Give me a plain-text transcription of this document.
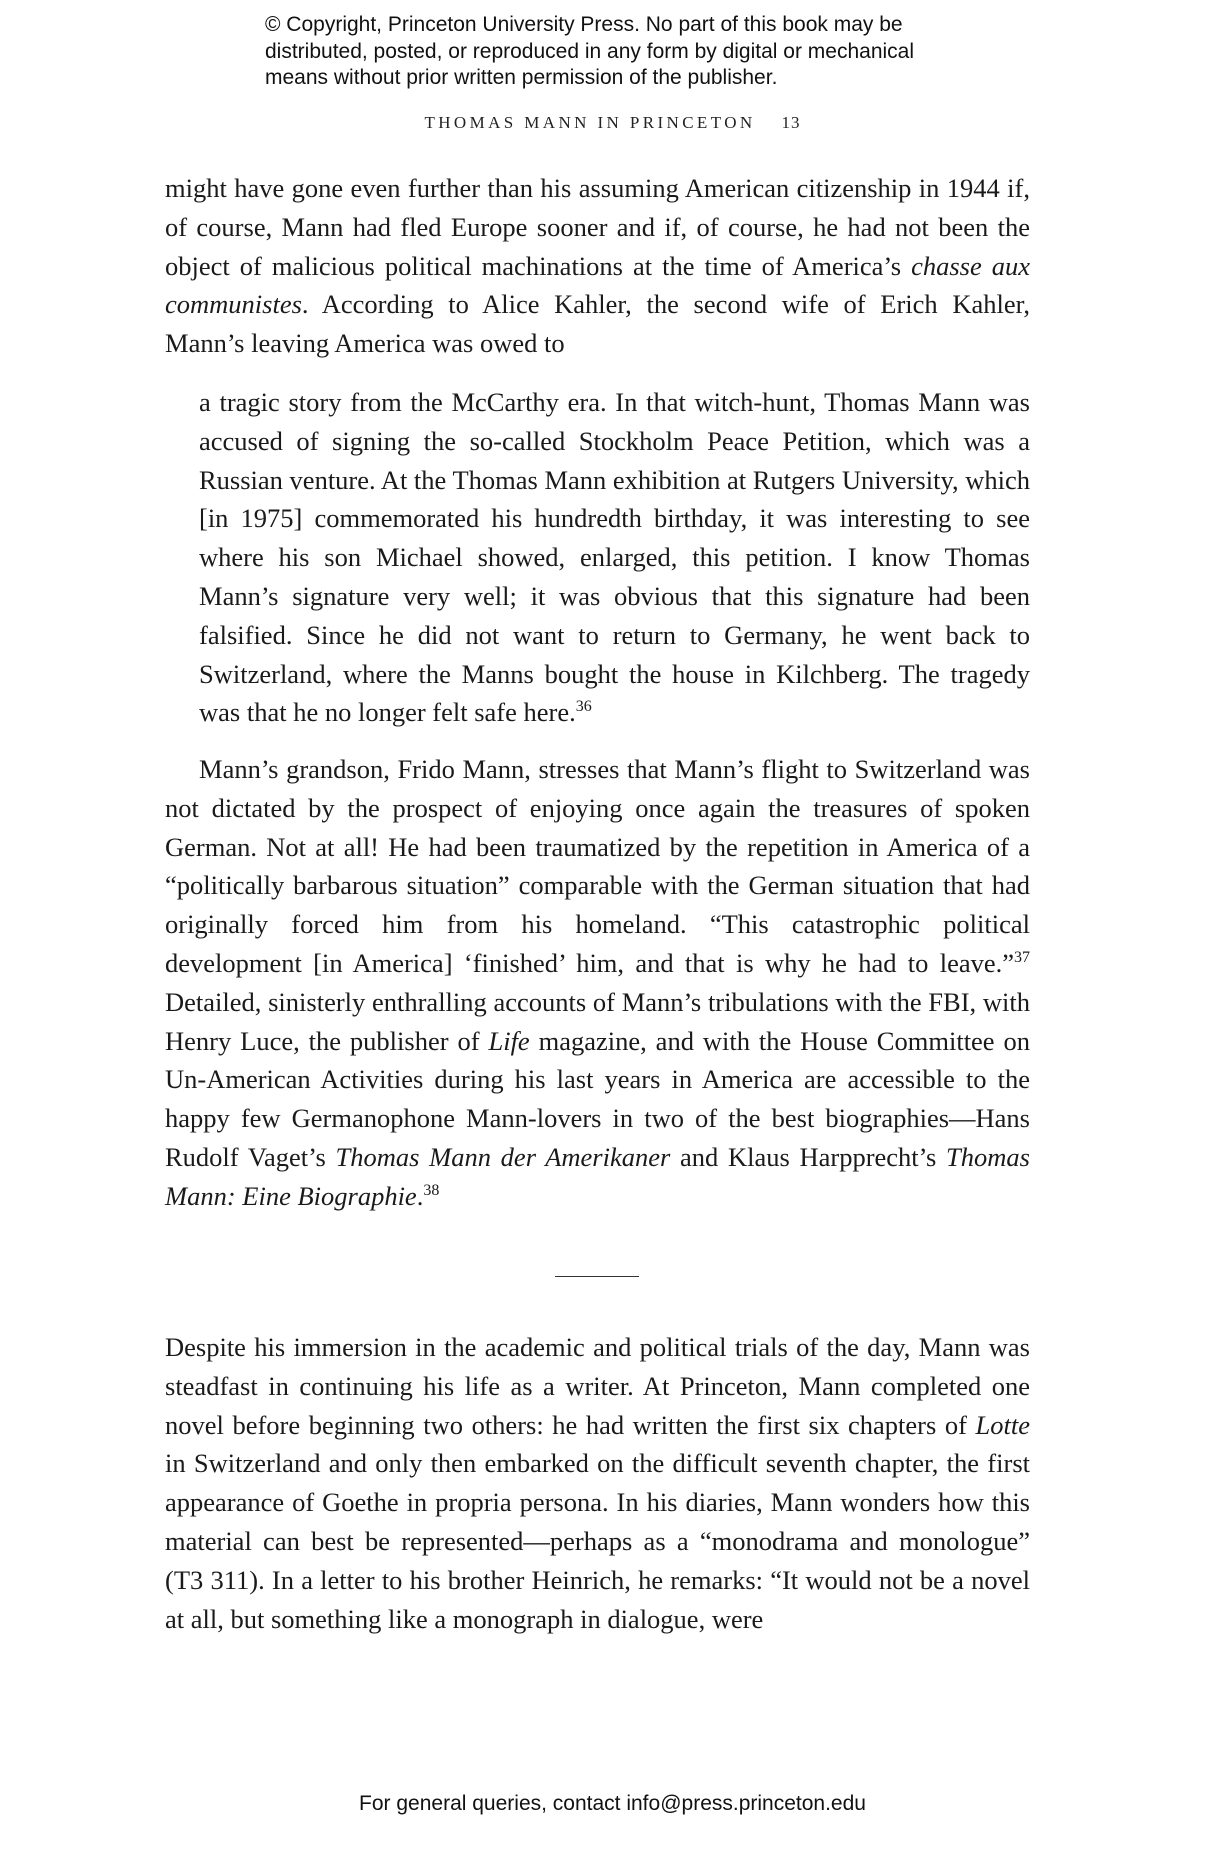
© Copyright, Princeton University Press. No part of this book may be
distributed, posted, or reproduced in any form by digital or mechanical
means without prior written permission of the publisher.
THOMAS MANN IN PRINCETON 13

might have gone even further than his assuming American citizenship in 1944 if, of course, Mann had fled Europe sooner and if, of course, he had not been the object of malicious political machinations at the time of America’s chasse aux communistes. According to Alice Kahler, the second wife of Erich Kahler, Mann’s leaving America was owed to

a tragic story from the McCarthy era. In that witch-hunt, Thomas Mann was accused of signing the so-called Stockholm Peace Petition, which was a Russian venture. At the Thomas Mann exhibition at Rutgers University, which [in 1975] commemorated his hundredth birthday, it was interesting to see where his son Michael showed, enlarged, this petition. I know Thomas Mann’s signature very well; it was obvious that this signature had been falsified. Since he did not want to return to Germany, he went back to Switzerland, where the Manns bought the house in Kilchberg. The tragedy was that he no longer felt safe here.$^{36}$

Mann’s grandson, Frido Mann, stresses that Mann’s flight to Switzerland was not dictated by the prospect of enjoying once again the treasures of spoken German. Not at all! He had been traumatized by the repetition in America of a “politically barbarous situation” comparable with the German situation that had originally forced him from his homeland. “This catastrophic political development [in America] ‘finished’ him, and that is why he had to leave.”$^{37}$ Detailed, sinisterly enthralling accounts of Mann’s tribulations with the FBI, with Henry Luce, the publisher of Life magazine, and with the House Committee on Un-American Activities during his last years in America are accessible to the happy few Germanophone Mann-lovers in two of the best biographies—Hans Rudolf Vaget’s Thomas Mann der Amerikaner and Klaus Harpprecht’s Thomas Mann: Eine Biographie.$^{38}$

Despite his immersion in the academic and political trials of the day, Mann was steadfast in continuing his life as a writer. At Princeton, Mann completed one novel before beginning two others: he had written the first six chapters of Lotte in Switzerland and only then embarked on the difficult seventh chapter, the first appearance of Goethe in propria persona. In his diaries, Mann wonders how this material can best be represented—perhaps as a “monodrama and monologue” (T3 311). In a letter to his brother Heinrich, he remarks: “It would not be a novel at all, but something like a monograph in dialogue, were

For general queries, contact info@press.princeton.edu
